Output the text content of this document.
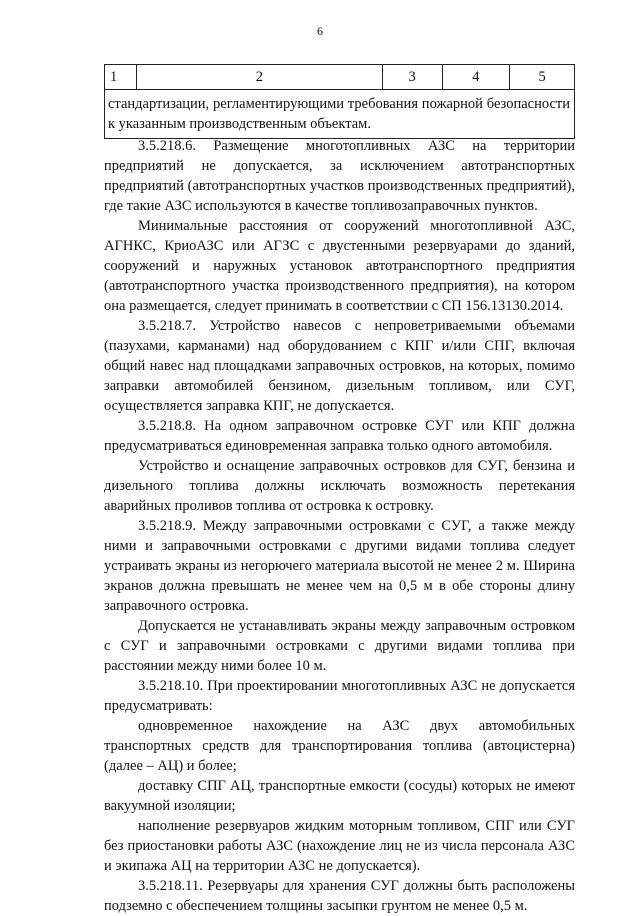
6
1	2	3	4	5
стандартизации, регламентирующими требования пожарной безопасности к указанным производственным объектам.

3.5.218.6. Размещение многотопливных АЗС на территории предприятий не допускается, за исключением автотранспортных предприятий (автотранспортных участков производственных предприятий), где такие АЗС используются в качестве топливозаправочных пунктов.

Минимальные расстояния от сооружений многотопливной АЗС, АГНКС, КриоАЗС или АГЗС с двустенными резервуарами до зданий, сооружений и наружных установок автотранспортного предприятия (автотранспортного участка производственного предприятия), на котором она размещается, следует принимать в соответствии с СП 156.13130.2014.

3.5.218.7. Устройство навесов с непроветриваемыми объемами (пазухами, карманами) над оборудованием с КПГ и/или СПГ, включая общий навес над площадками заправочных островков, на которых, помимо заправки автомобилей бензином, дизельным топливом, или СУГ, осуществляется заправка КПГ, не допускается.

3.5.218.8. На одном заправочном островке СУГ или КПГ должна предусматриваться единовременная заправка только одного автомобиля.

Устройство и оснащение заправочных островков для СУГ, бензина и дизельного топлива должны исключать возможность перетекания аварийных проливов топлива от островка к островку.

3.5.218.9. Между заправочными островками с СУГ, а также между ними и заправочными островками с другими видами топлива следует устраивать экраны из негорючего материала высотой не менее 2 м. Ширина экранов должна превышать не менее чем на 0,5 м в обе стороны длину заправочного островка.

Допускается не устанавливать экраны между заправочным островком с СУГ и заправочными островками с другими видами топлива при расстоянии между ними более 10 м.

3.5.218.10. При проектировании многотопливных АЗС не допускается предусматривать:

одновременное нахождение на АЗС двух автомобильных транспортных средств для транспортирования топлива (автоцистерна) (далее – АЦ) и более;

доставку СПГ АЦ, транспортные емкости (сосуды) которых не имеют вакуумной изоляции;

наполнение резервуаров жидким моторным топливом, СПГ или СУГ без приостановки работы АЗС (нахождение лиц не из числа персонала АЗС и экипажа АЦ на территории АЗС не допускается).

3.5.218.11. Резервуары для хранения СУГ должны быть расположены подземно с обеспечением толщины засыпки грунтом не менее 0,5 м.
